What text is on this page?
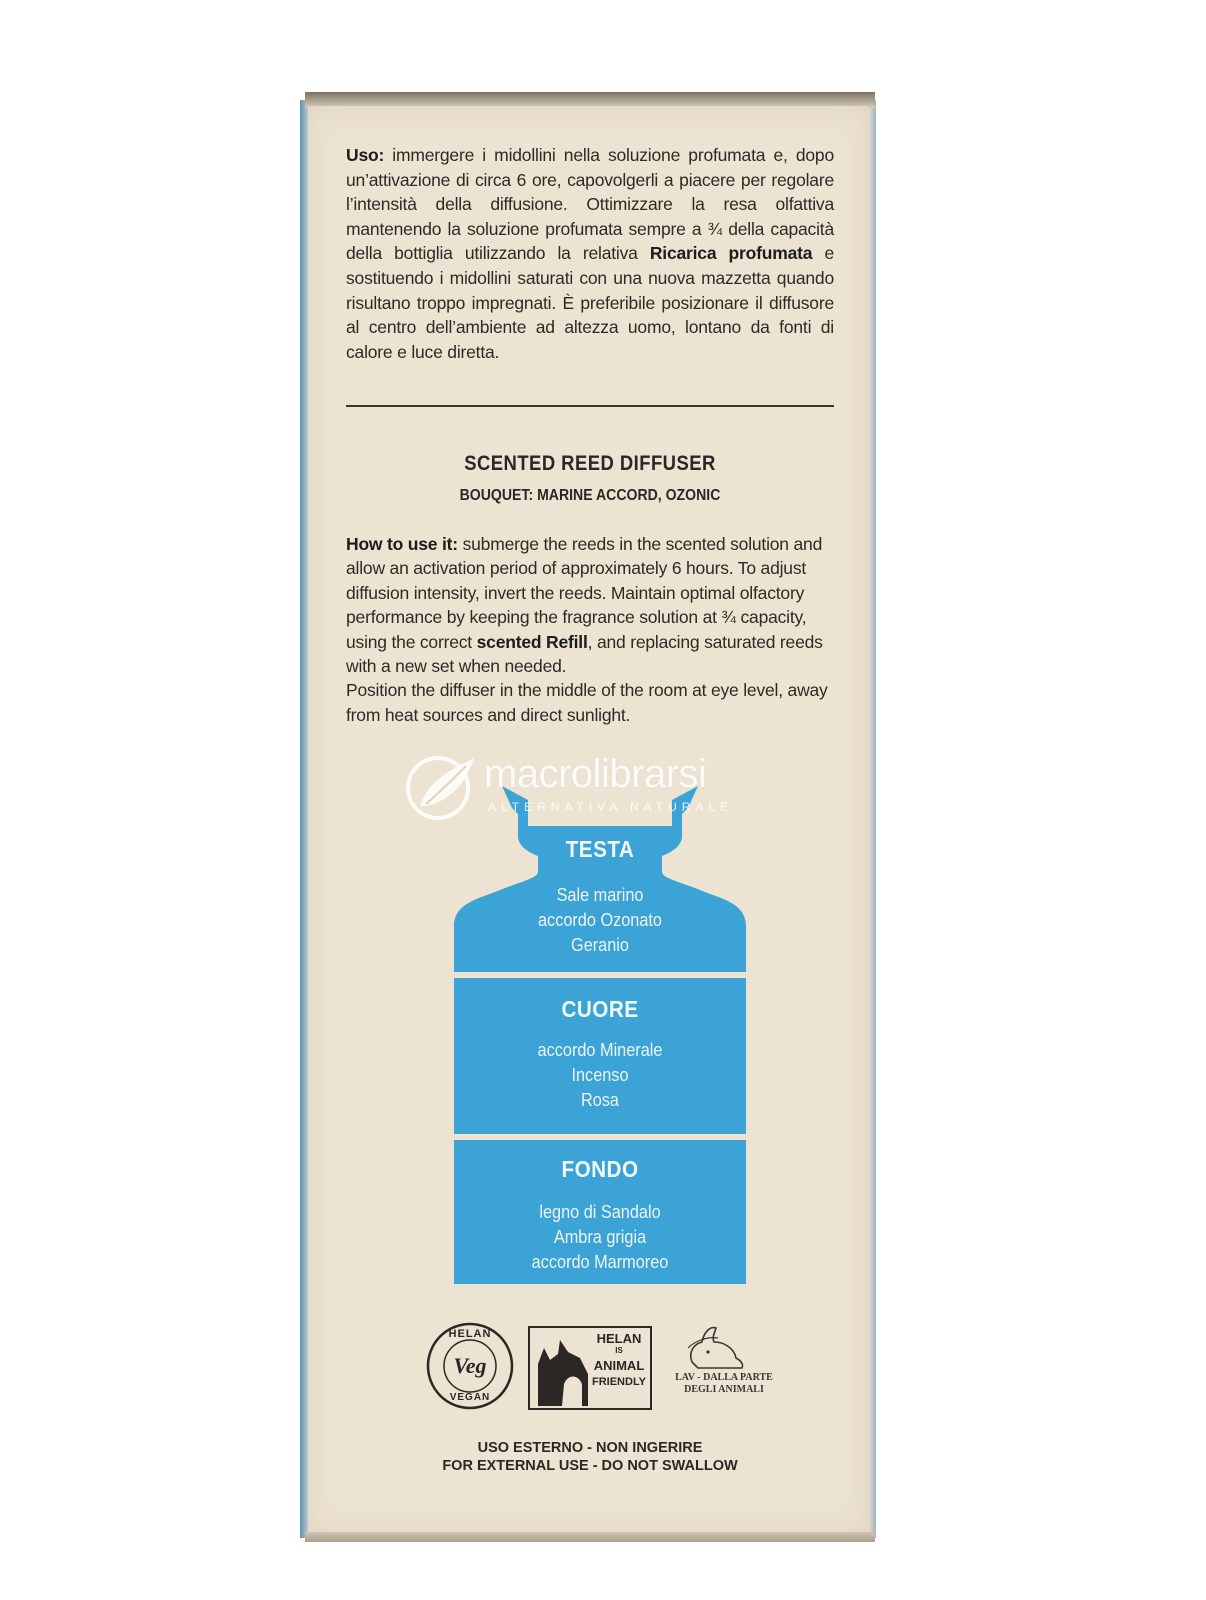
Uso: immergere i midollini nella soluzione profumata e, dopo un’attivazione di circa 6 ore, capovolgerli a piacere per regolare l’intensità della diffusione. Ottimizzare la resa olfattiva mantenendo la soluzione profumata sempre a ¾ della capacità della bottiglia utilizzando la relativa Ricarica profumata e sostituendo i midollini saturati con una nuova mazzetta quando risultano troppo impregnati. È preferibile posizionare il diffusore al centro dell’ambiente ad altezza uomo, lontano da fonti di calore e luce diretta.
SCENTED REED DIFFUSER
BOUQUET: MARINE ACCORD, OZONIC

How to use it: submerge the reeds in the scented solution and allow an activation period of approximately 6 hours. To adjust diffusion intensity, invert the reeds. Maintain optimal olfactory performance by keeping the fragrance solution at ¾ capacity, using the correct scented Refill, and replacing saturated reeds with a new set when needed.

Position the diffuser in the middle of the room at eye level, away from heat sources and direct sunlight.

TESTA
Sale marino
accordo Ozonato
Geranio
CUORE
accordo Minerale
Incenso
Rosa
FONDO
legno di Sandalo
Ambra grigia
accordo Marmoreo
macrolibrarsi
ALTERNATIVA NATURALE
HELAN
Veg
VEGAN
HELAN
IS
ANIMAL
FRIENDLY	LAV - DALLA PARTE
DEGLI ANIMALI
USO ESTERNO - NON INGERIRE
FOR EXTERNAL USE - DO NOT SWALLOW
